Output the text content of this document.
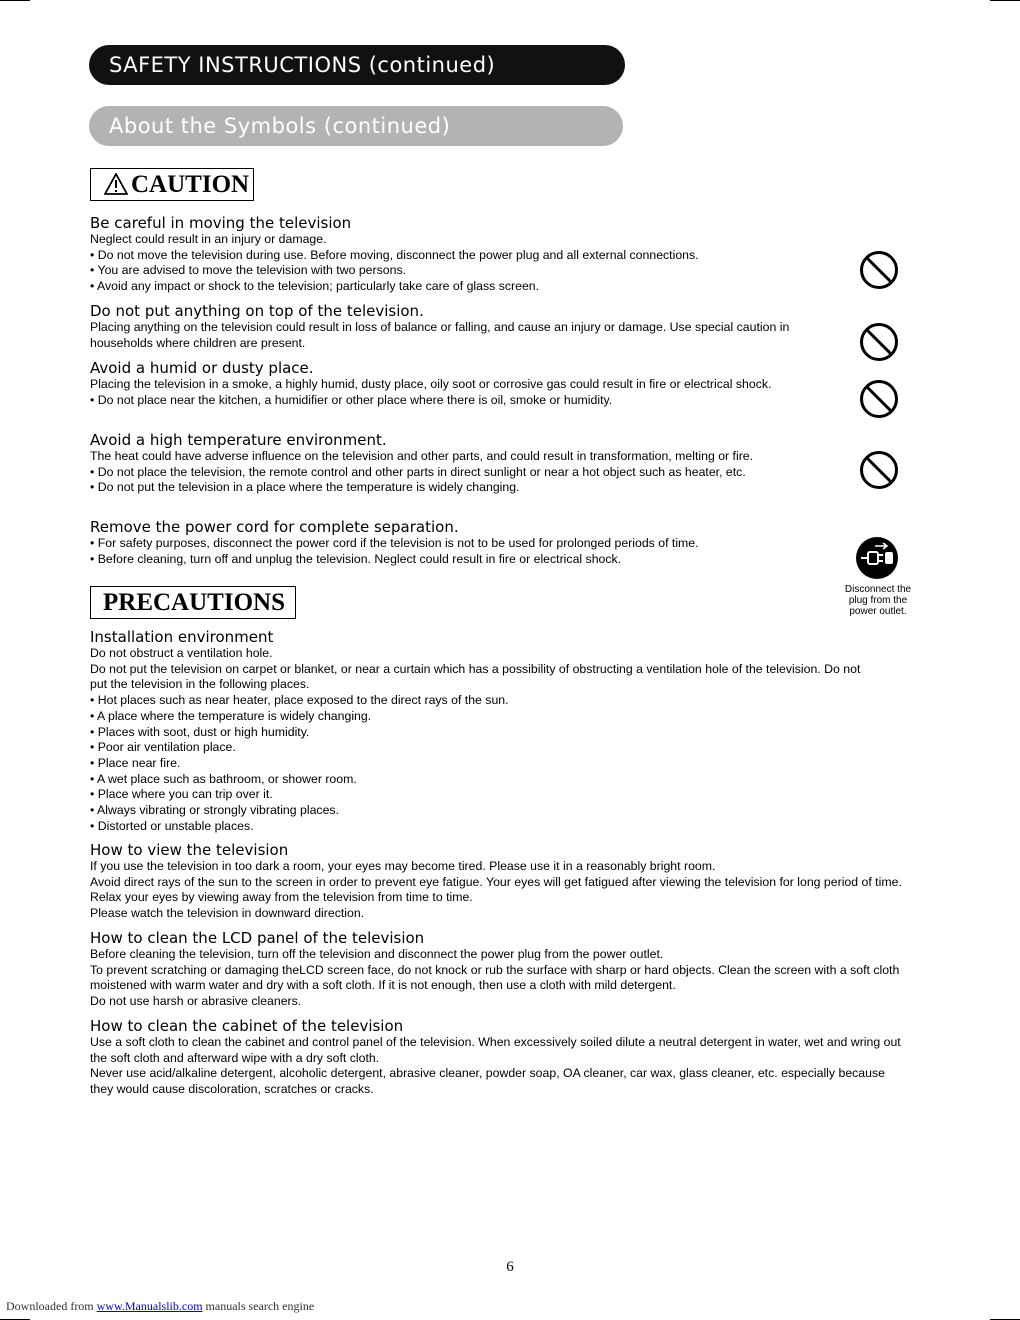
SAFETY INSTRUCTIONS (continued)
About the Symbols (continued)
CAUTION

Be careful in moving the television

Neglect could result in an injury or damage.

• Do not move the television during use. Before moving, disconnect the power plug and all external connections.

• You are advised to move the television with two persons.

• Avoid any impact or shock to the television; particularly take care of glass screen.

Do not put anything on top of the television.

Placing anything on the television could result in loss of balance or falling, and cause an injury or damage. Use special caution in households where children are present.

Avoid a humid or dusty place.

Placing the television in a smoke, a highly humid, dusty place, oily soot or corrosive gas could result in fire or electrical shock.

• Do not place near the kitchen, a humidifier or other place where there is oil, smoke or humidity.

Avoid a high temperature environment.

The heat could have adverse influence on the television and other parts, and could result in transformation, melting or fire.

• Do not place the television, the remote control and other parts in direct sunlight or near a hot object such as heater, etc.

• Do not put the television in a place where the temperature is widely changing.

Remove the power cord for complete separation.

• For safety purposes, disconnect the power cord if the television is not to be used for prolonged periods of time.

• Before cleaning, turn off and unplug the television. Neglect could result in fire or electrical shock.

Disconnect the plug from the power outlet.
PRECAUTIONS

Installation environment

Do not obstruct a ventilation hole.

Do not put the television on carpet or blanket, or near a curtain which has a possibility of obstructing a ventilation hole of the television. Do not put the television in the following places.

• Hot places such as near heater, place exposed to the direct rays of the sun.

• A place where the temperature is widely changing.

• Places with soot, dust or high humidity.

• Poor air ventilation place.

• Place near fire.

• A wet place such as bathroom, or shower room.

• Place where you can trip over it.

• Always vibrating or strongly vibrating places.

• Distorted or unstable places.

How to view the television

If you use the television in too dark a room, your eyes may become tired. Please use it in a reasonably bright room.

Avoid direct rays of the sun to the screen in order to prevent eye fatigue. Your eyes will get fatigued after viewing the television for long period of time. Relax your eyes by viewing away from the television from time to time.

Please watch the television in downward direction.

How to clean the LCD panel of the television

Before cleaning the television, turn off the television and disconnect the power plug from the power outlet.

To prevent scratching or damaging theLCD screen face, do not knock or rub the surface with sharp or hard objects. Clean the screen with a soft cloth moistened with warm water and dry with a soft cloth. If it is not enough, then use a cloth with mild detergent.

Do not use harsh or abrasive cleaners.

How to clean the cabinet of the television

Use a soft cloth to clean the cabinet and control panel of the television. When excessively soiled dilute a neutral detergent in water, wet and wring out the soft cloth and afterward wipe with a dry soft cloth.

Never use acid/alkaline detergent, alcoholic detergent, abrasive cleaner, powder soap, OA cleaner, car wax, glass cleaner, etc. especially because they would cause discoloration, scratches or cracks.

6
Downloaded from www.Manualslib.com manuals search engine
